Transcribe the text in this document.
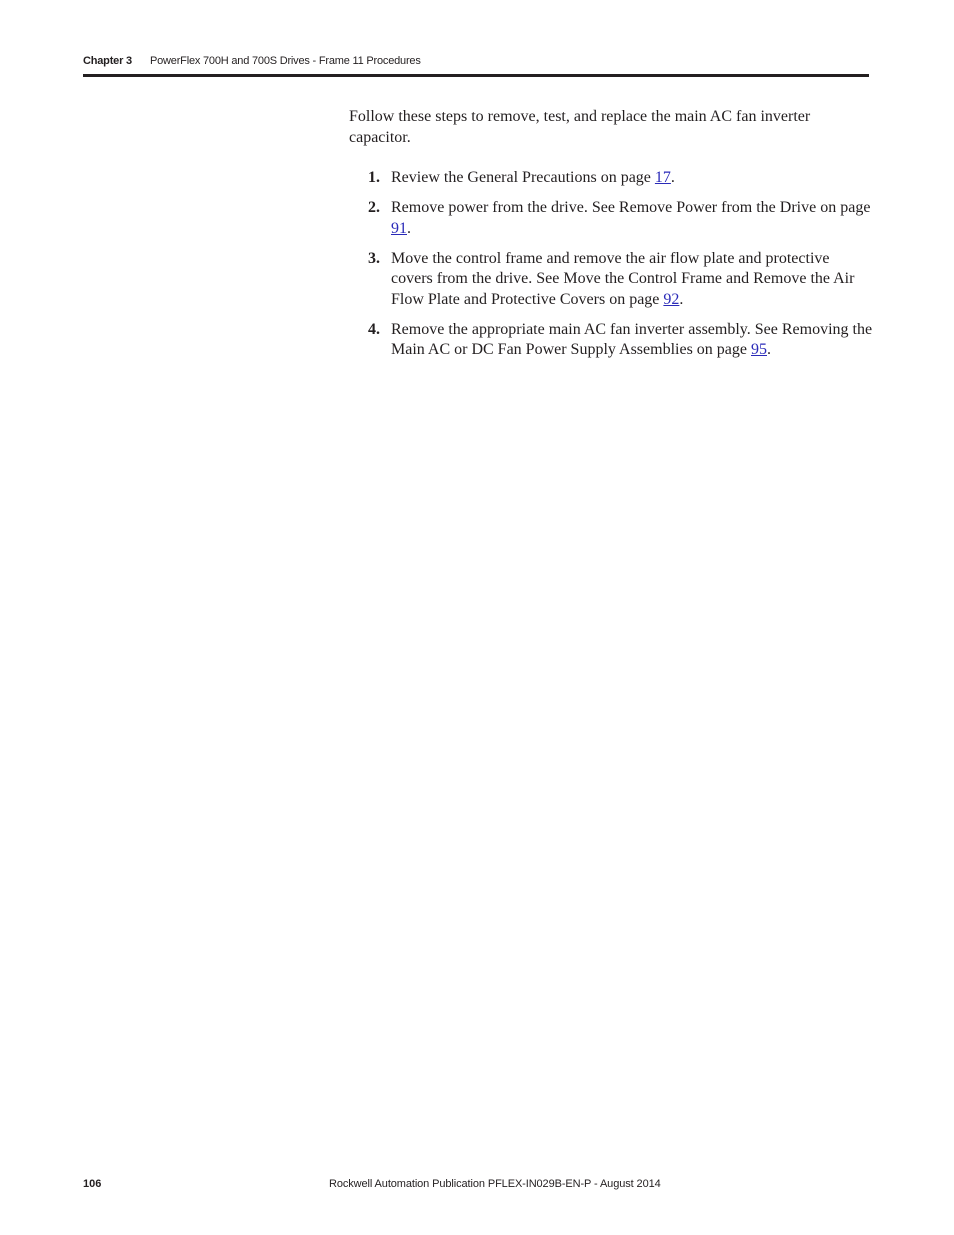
Chapter 3 PowerFlex 700H and 700S Drives - Frame 11 Procedures

Follow these steps to remove, test, and replace the main AC fan inverter capacitor.

1. Review the General Precautions on page 17.
2. Remove power from the drive. See Remove Power from the Drive on page 91.
3. Move the control frame and remove the air flow plate and protective covers from the drive. See Move the Control Frame and Remove the Air Flow Plate and Protective Covers on page 92.
4. Remove the appropriate main AC fan inverter assembly. See Removing the Main AC or DC Fan Power Supply Assemblies on page 95.
106	Rockwell Automation Publication PFLEX-IN029B-EN-P - August 2014
